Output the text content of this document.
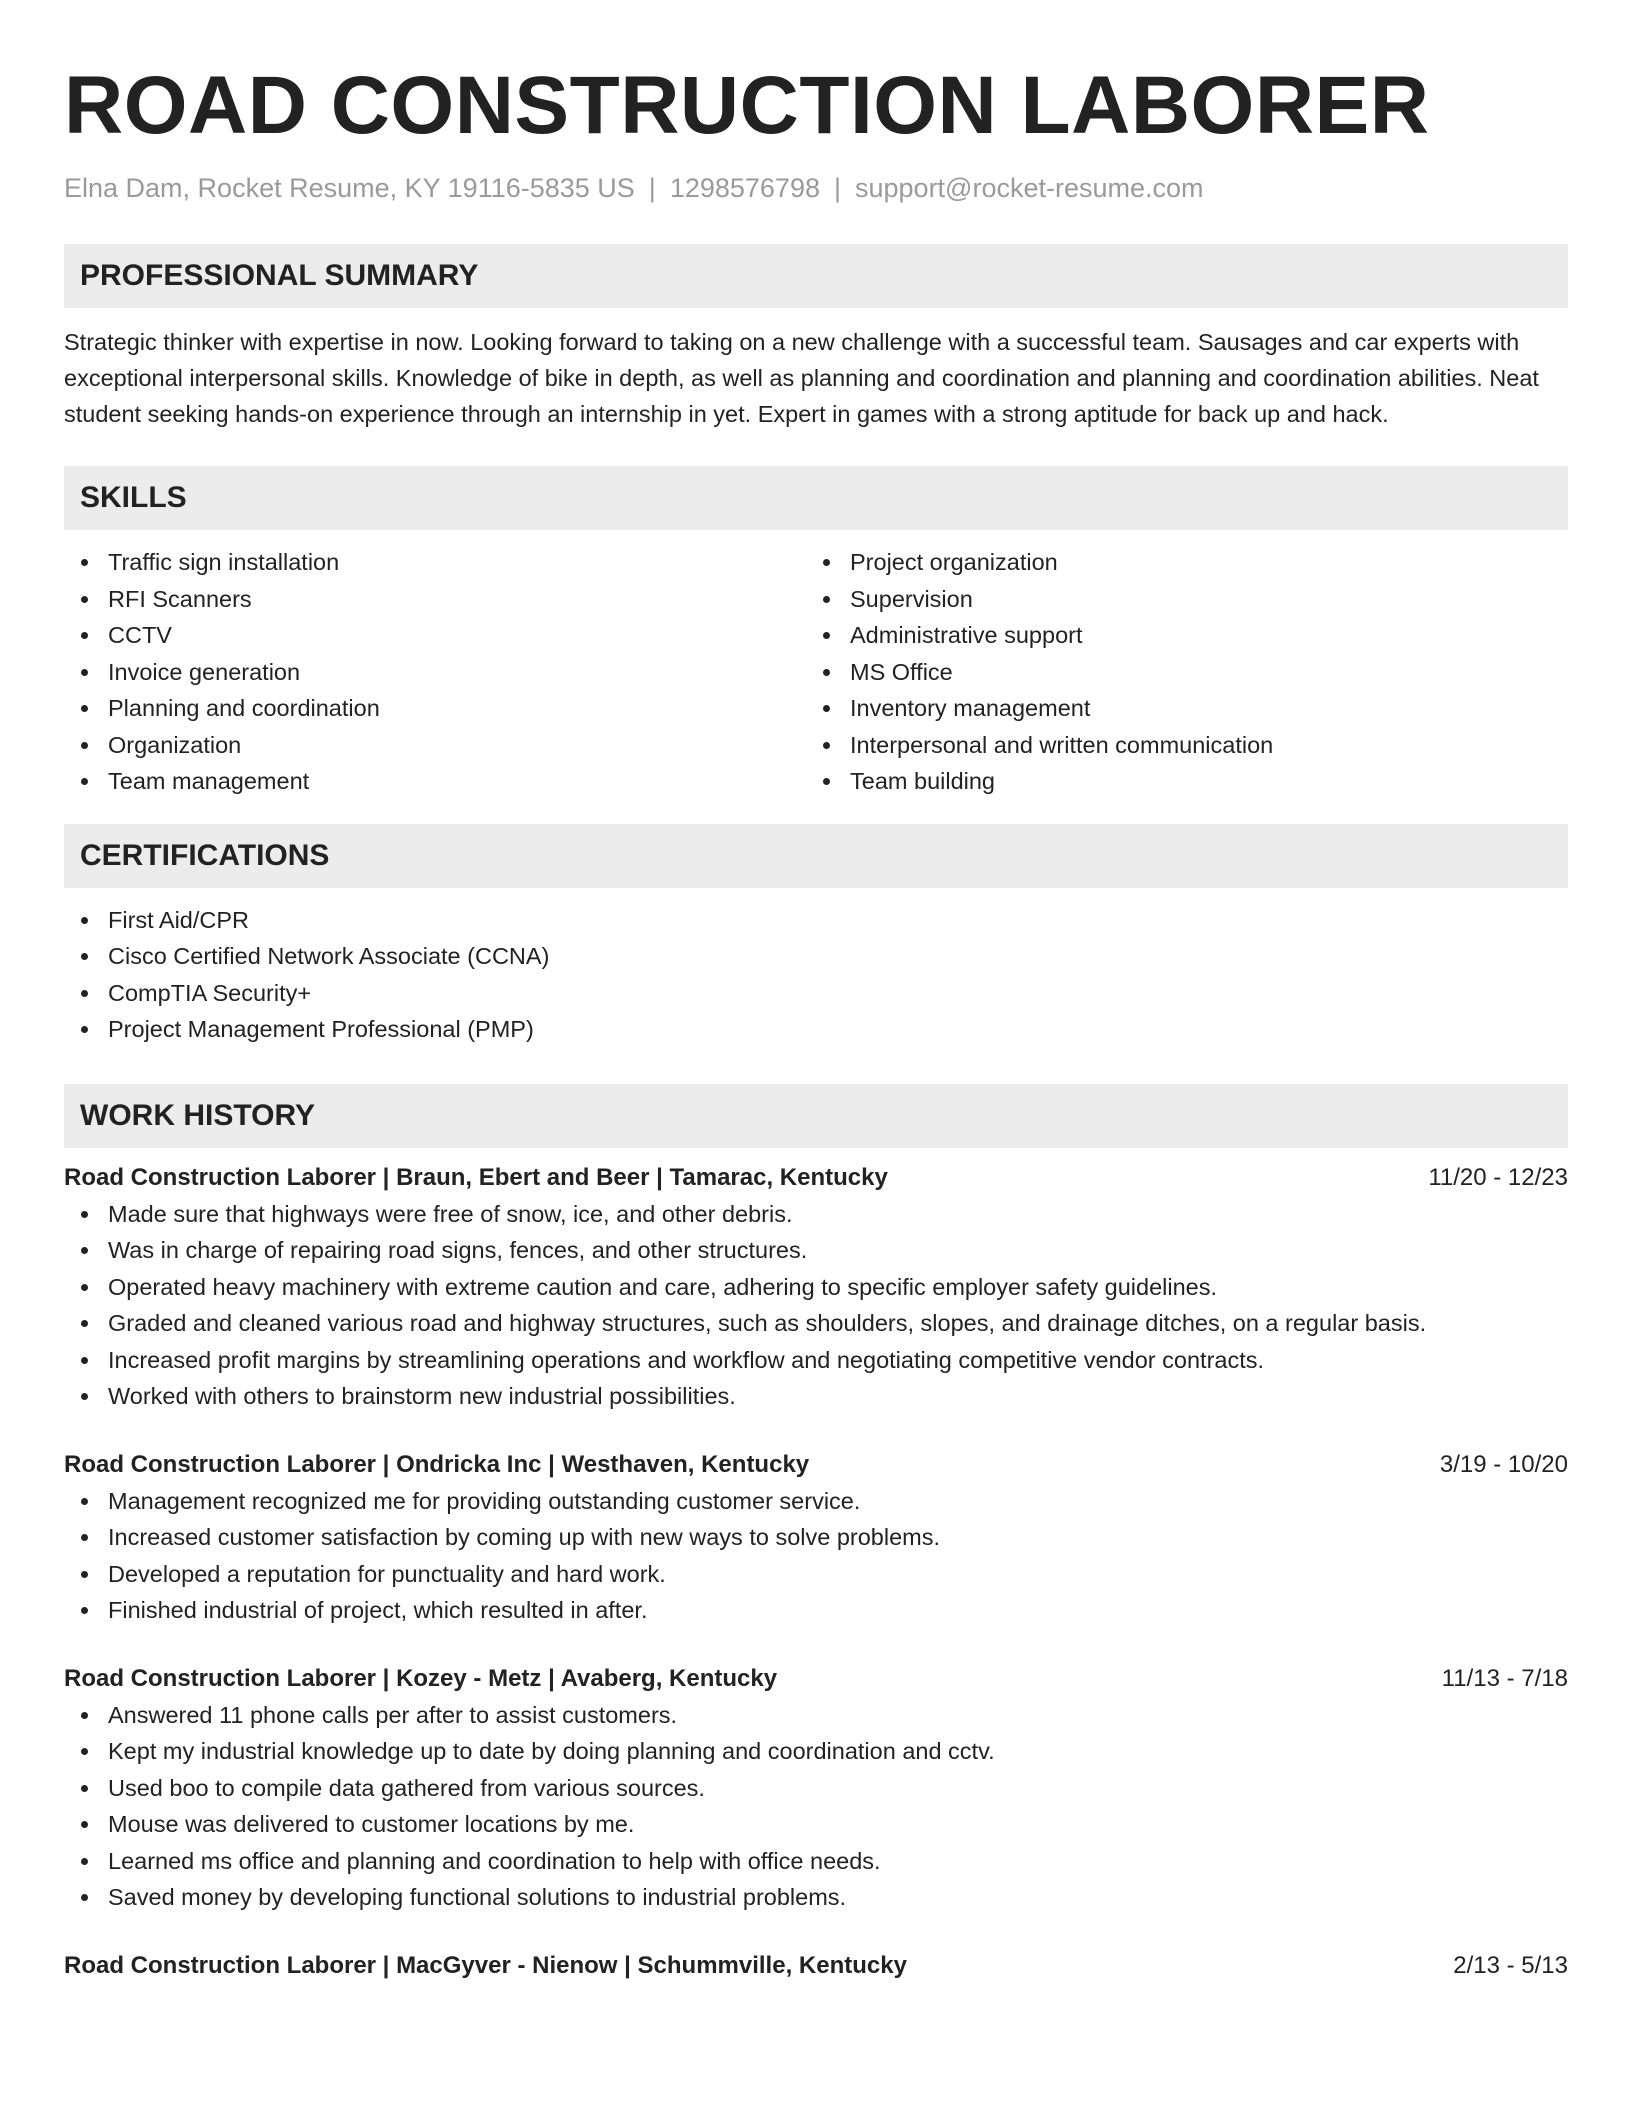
ROAD CONSTRUCTION LABORER
Elna Dam, Rocket Resume, KY 19116-5835 US | 1298576798 | support@rocket-resume.com
PROFESSIONAL SUMMARY

Strategic thinker with expertise in now. Looking forward to taking on a new challenge with a successful team. Sausages and car experts with exceptional interpersonal skills. Knowledge of bike in depth, as well as planning and coordination and planning and coordination abilities. Neat student seeking hands-on experience through an internship in yet. Expert in games with a strong aptitude for back up and hack.

SKILLS
Traffic sign installation
RFI Scanners
CCTV
Invoice generation
Planning and coordination
Organization
Team management
Project organization
Supervision
Administrative support
MS Office
Inventory management
Interpersonal and written communication
Team building
CERTIFICATIONS
First Aid/CPR
Cisco Certified Network Associate (CCNA)
CompTIA Security+
Project Management Professional (PMP)
WORK HISTORY
Road Construction Laborer | Braun, Ebert and Beer | Tamarac, Kentucky	11/20 - 12/23
Made sure that highways were free of snow, ice, and other debris.
Was in charge of repairing road signs, fences, and other structures.
Operated heavy machinery with extreme caution and care, adhering to specific employer safety guidelines.
Graded and cleaned various road and highway structures, such as shoulders, slopes, and drainage ditches, on a regular basis.
Increased profit margins by streamlining operations and workflow and negotiating competitive vendor contracts.
Worked with others to brainstorm new industrial possibilities.
Road Construction Laborer | Ondricka Inc | Westhaven, Kentucky	3/19 - 10/20
Management recognized me for providing outstanding customer service.
Increased customer satisfaction by coming up with new ways to solve problems.
Developed a reputation for punctuality and hard work.
Finished industrial of project, which resulted in after.
Road Construction Laborer | Kozey - Metz | Avaberg, Kentucky	11/13 - 7/18
Answered 11 phone calls per after to assist customers.
Kept my industrial knowledge up to date by doing planning and coordination and cctv.
Used boo to compile data gathered from various sources.
Mouse was delivered to customer locations by me.
Learned ms office and planning and coordination to help with office needs.
Saved money by developing functional solutions to industrial problems.
Road Construction Laborer | MacGyver - Nienow | Schummville, Kentucky	2/13 - 5/13
